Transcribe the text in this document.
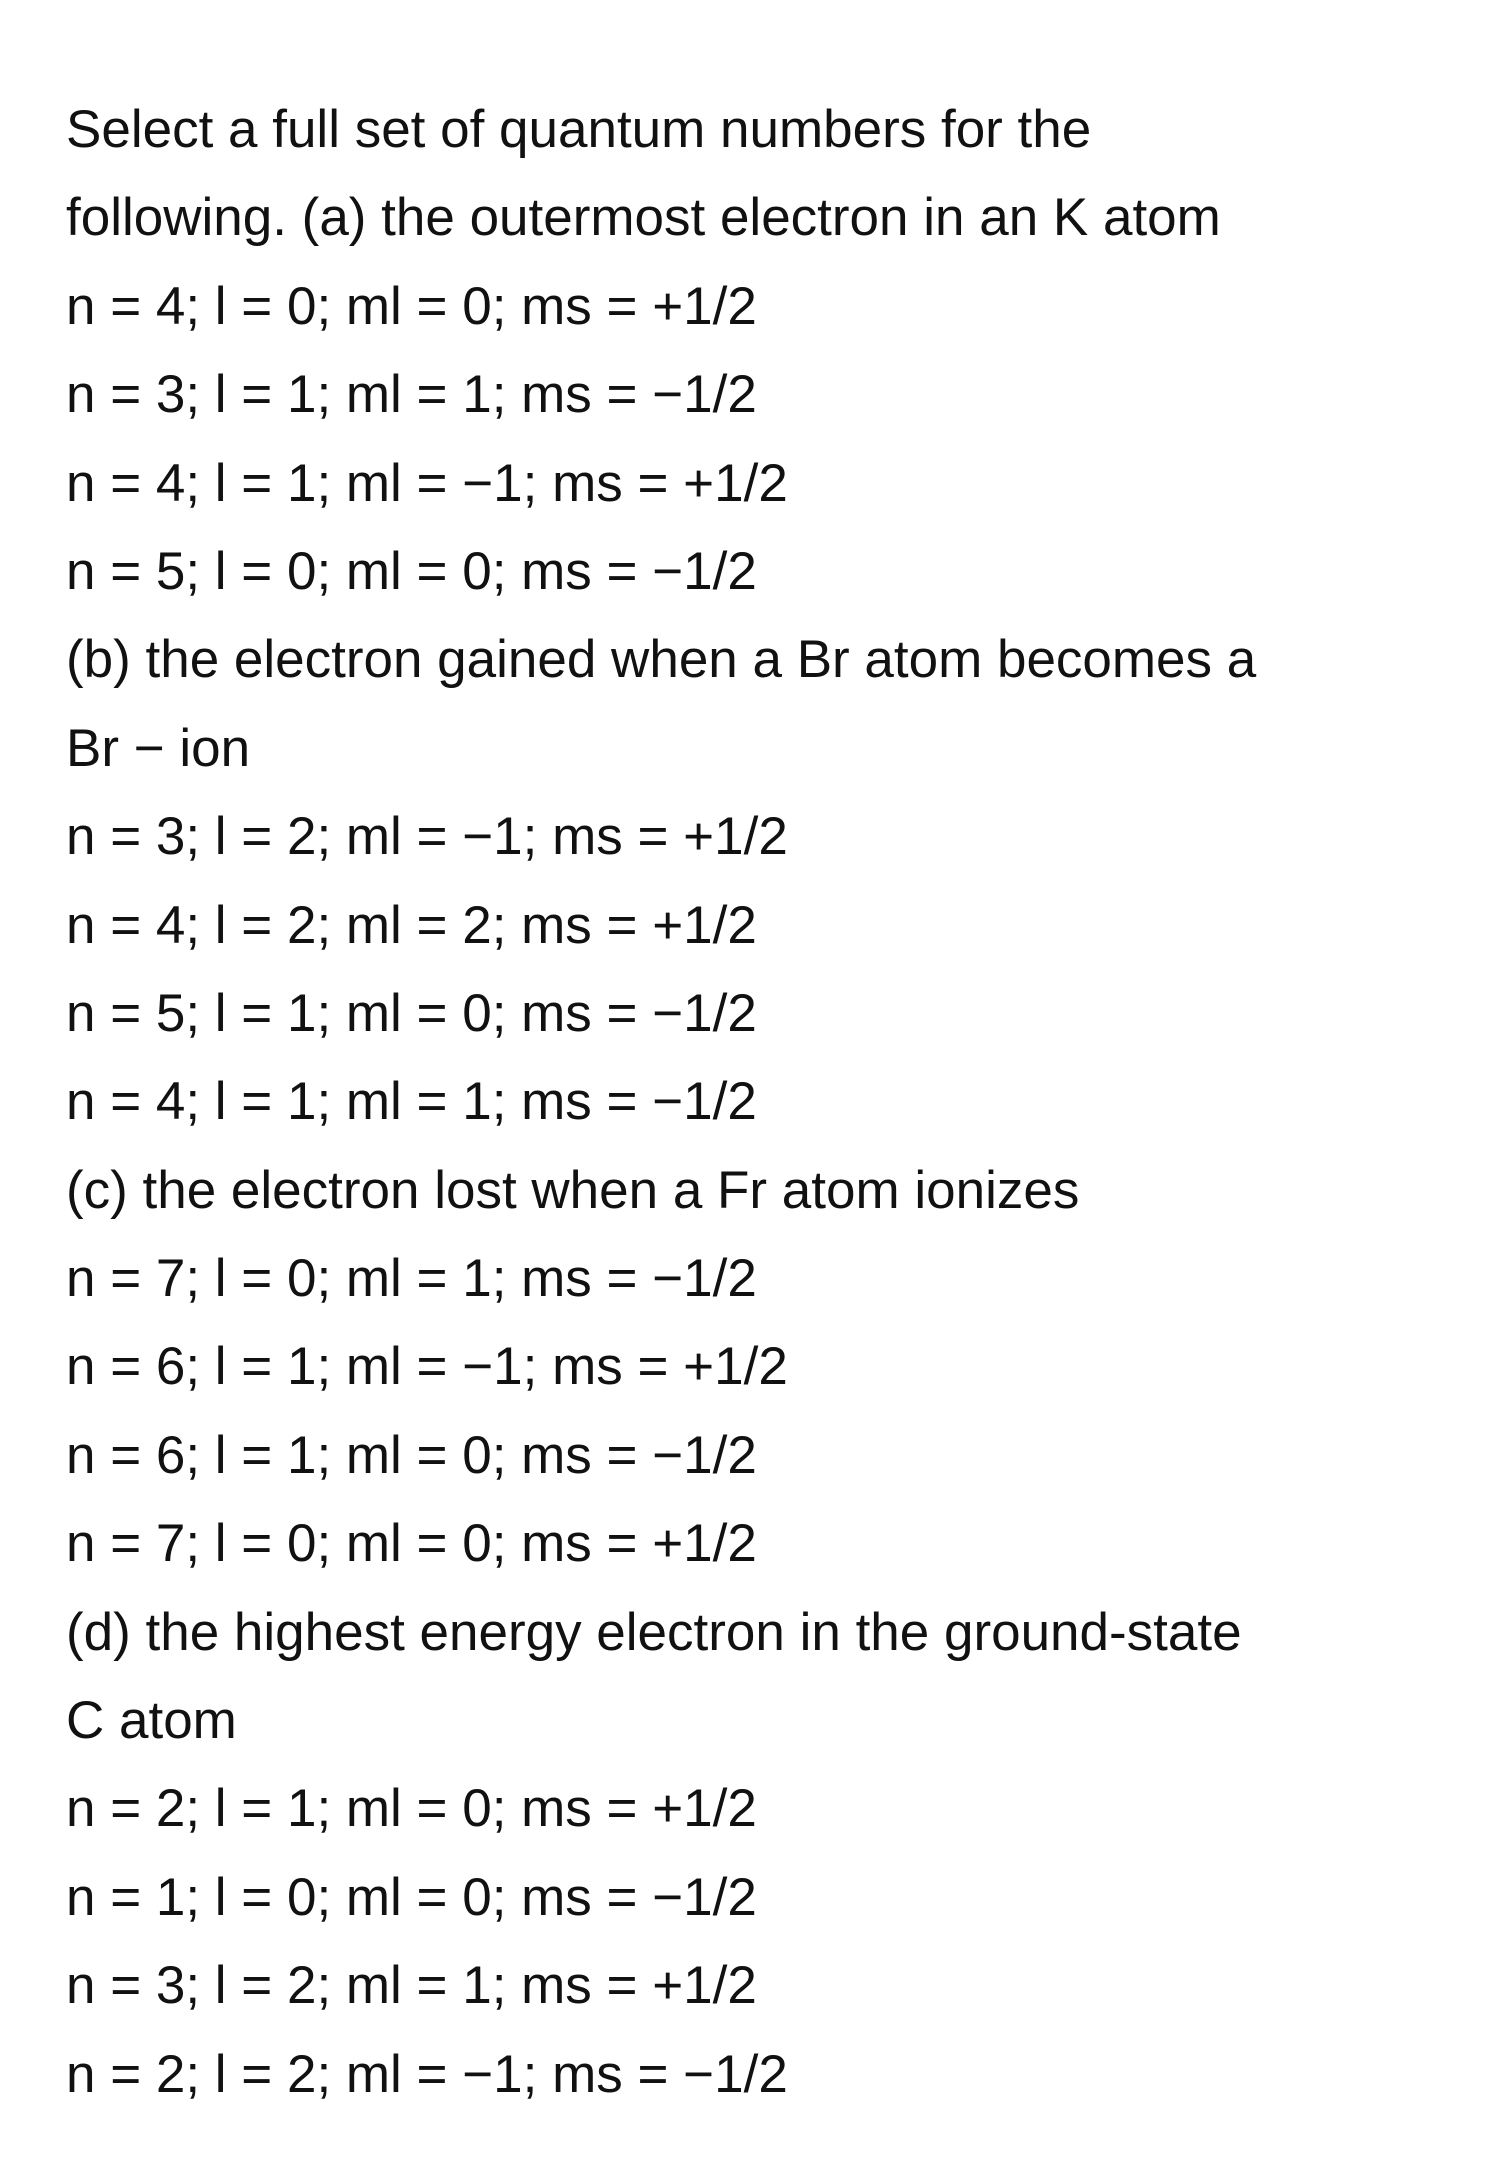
Select a full set of quantum numbers for the
following. (a) the outermost electron in an K atom
n = 4; l = 0; ml = 0; ms = +1/2
n = 3; l = 1; ml = 1; ms = −1/2
n = 4; l = 1; ml = −1; ms = +1/2
n = 5; l = 0; ml = 0; ms = −1/2
(b) the electron gained when a Br atom becomes a
Br − ion
n = 3; l = 2; ml = −1; ms = +1/2
n = 4; l = 2; ml = 2; ms = +1/2
n = 5; l = 1; ml = 0; ms = −1/2
n = 4; l = 1; ml = 1; ms = −1/2
(c) the electron lost when a Fr atom ionizes
n = 7; l = 0; ml = 1; ms = −1/2
n = 6; l = 1; ml = −1; ms = +1/2
n = 6; l = 1; ml = 0; ms = −1/2
n = 7; l = 0; ml = 0; ms = +1/2
(d) the highest energy electron in the ground-state
C atom
n = 2; l = 1; ml = 0; ms = +1/2
n = 1; l = 0; ml = 0; ms = −1/2
n = 3; l = 2; ml = 1; ms = +1/2
n = 2; l = 2; ml = −1; ms = −1/2
